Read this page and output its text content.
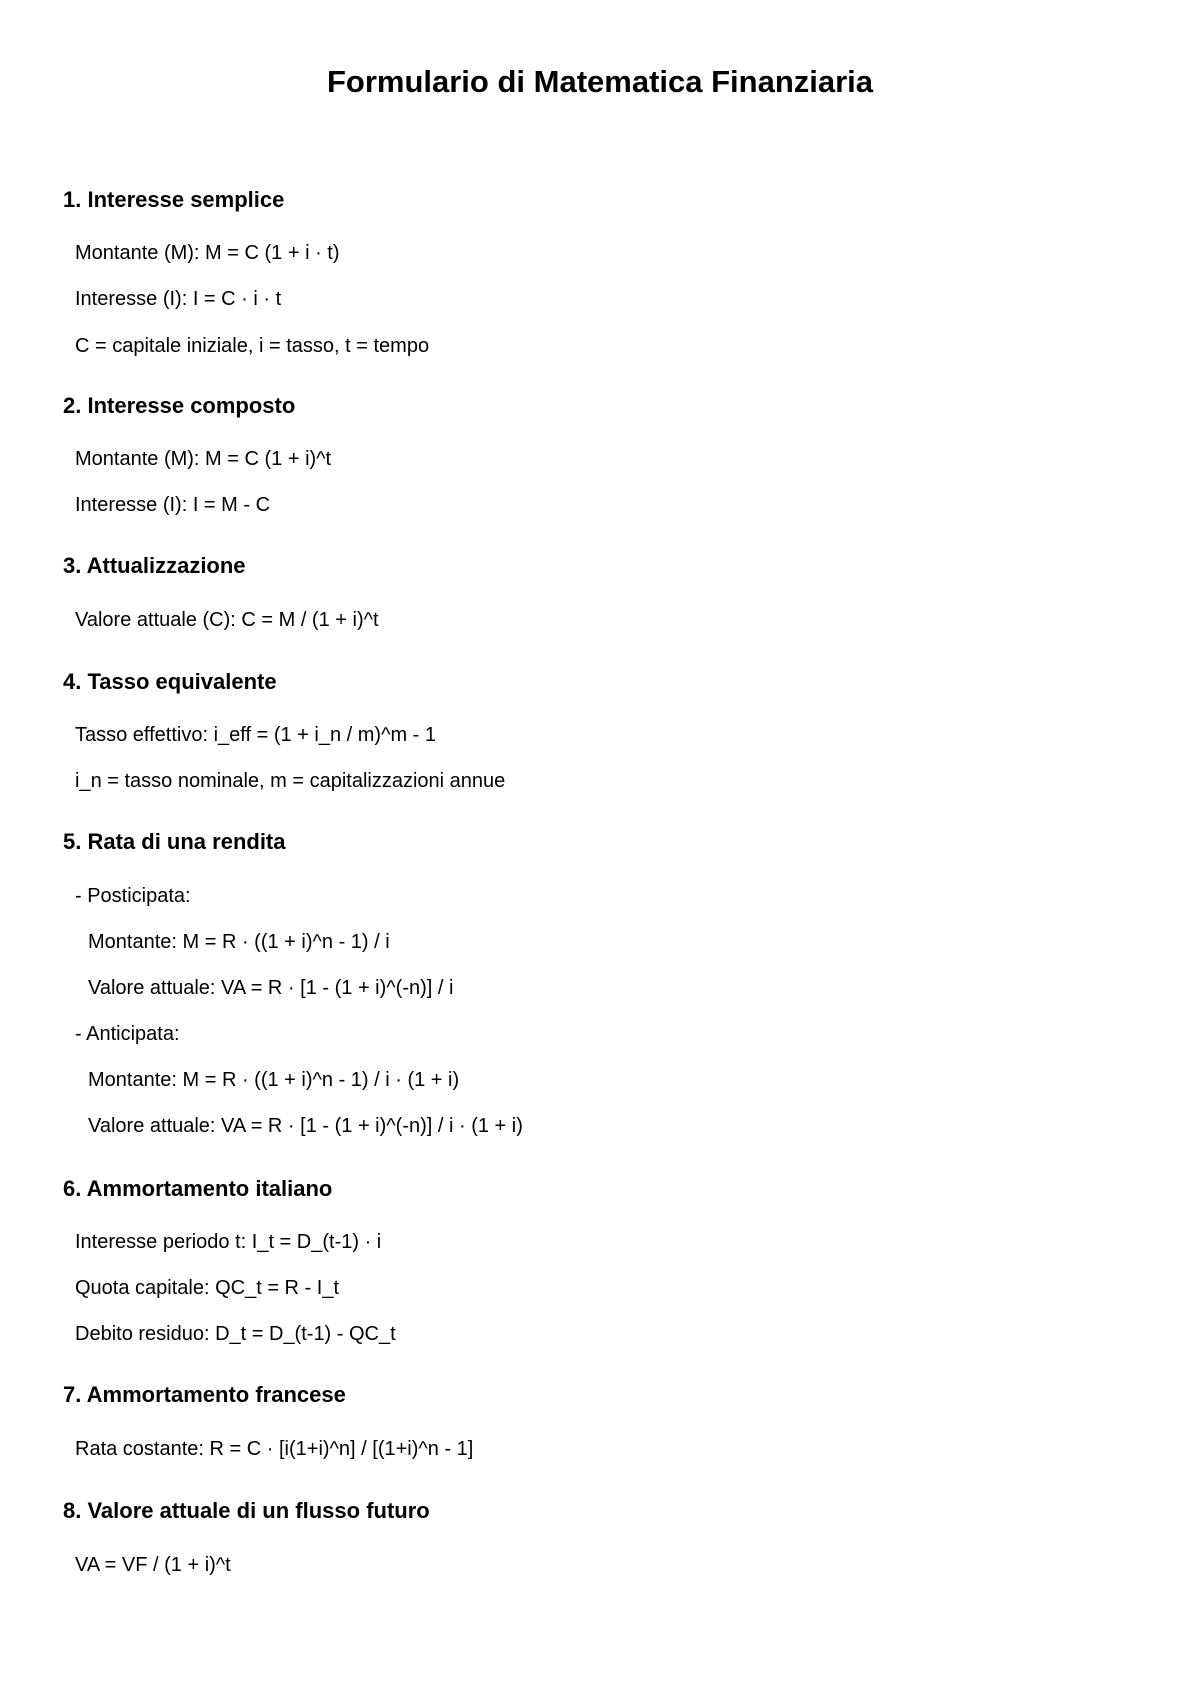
Formulario di Matematica Finanziaria
1. Interesse semplice
Montante (M): M = C (1 + i · t)
Interesse (I): I = C · i · t
C = capitale iniziale, i = tasso, t = tempo
2. Interesse composto
Montante (M): M = C (1 + i)^t
Interesse (I): I = M - C
3. Attualizzazione
Valore attuale (C): C = M / (1 + i)^t
4. Tasso equivalente
Tasso effettivo: i_eff = (1 + i_n / m)^m - 1
i_n = tasso nominale, m = capitalizzazioni annue
5. Rata di una rendita
- Posticipata:
Montante: M = R · ((1 + i)^n - 1) / i
Valore attuale: VA = R · [1 - (1 + i)^(-n)] / i
- Anticipata:
Montante: M = R · ((1 + i)^n - 1) / i · (1 + i)
Valore attuale: VA = R · [1 - (1 + i)^(-n)] / i · (1 + i)
6. Ammortamento italiano
Interesse periodo t: I_t = D_(t-1) · i
Quota capitale: QC_t = R - I_t
Debito residuo: D_t = D_(t-1) - QC_t
7. Ammortamento francese
Rata costante: R = C · [i(1+i)^n] / [(1+i)^n - 1]
8. Valore attuale di un flusso futuro
VA = VF / (1 + i)^t
